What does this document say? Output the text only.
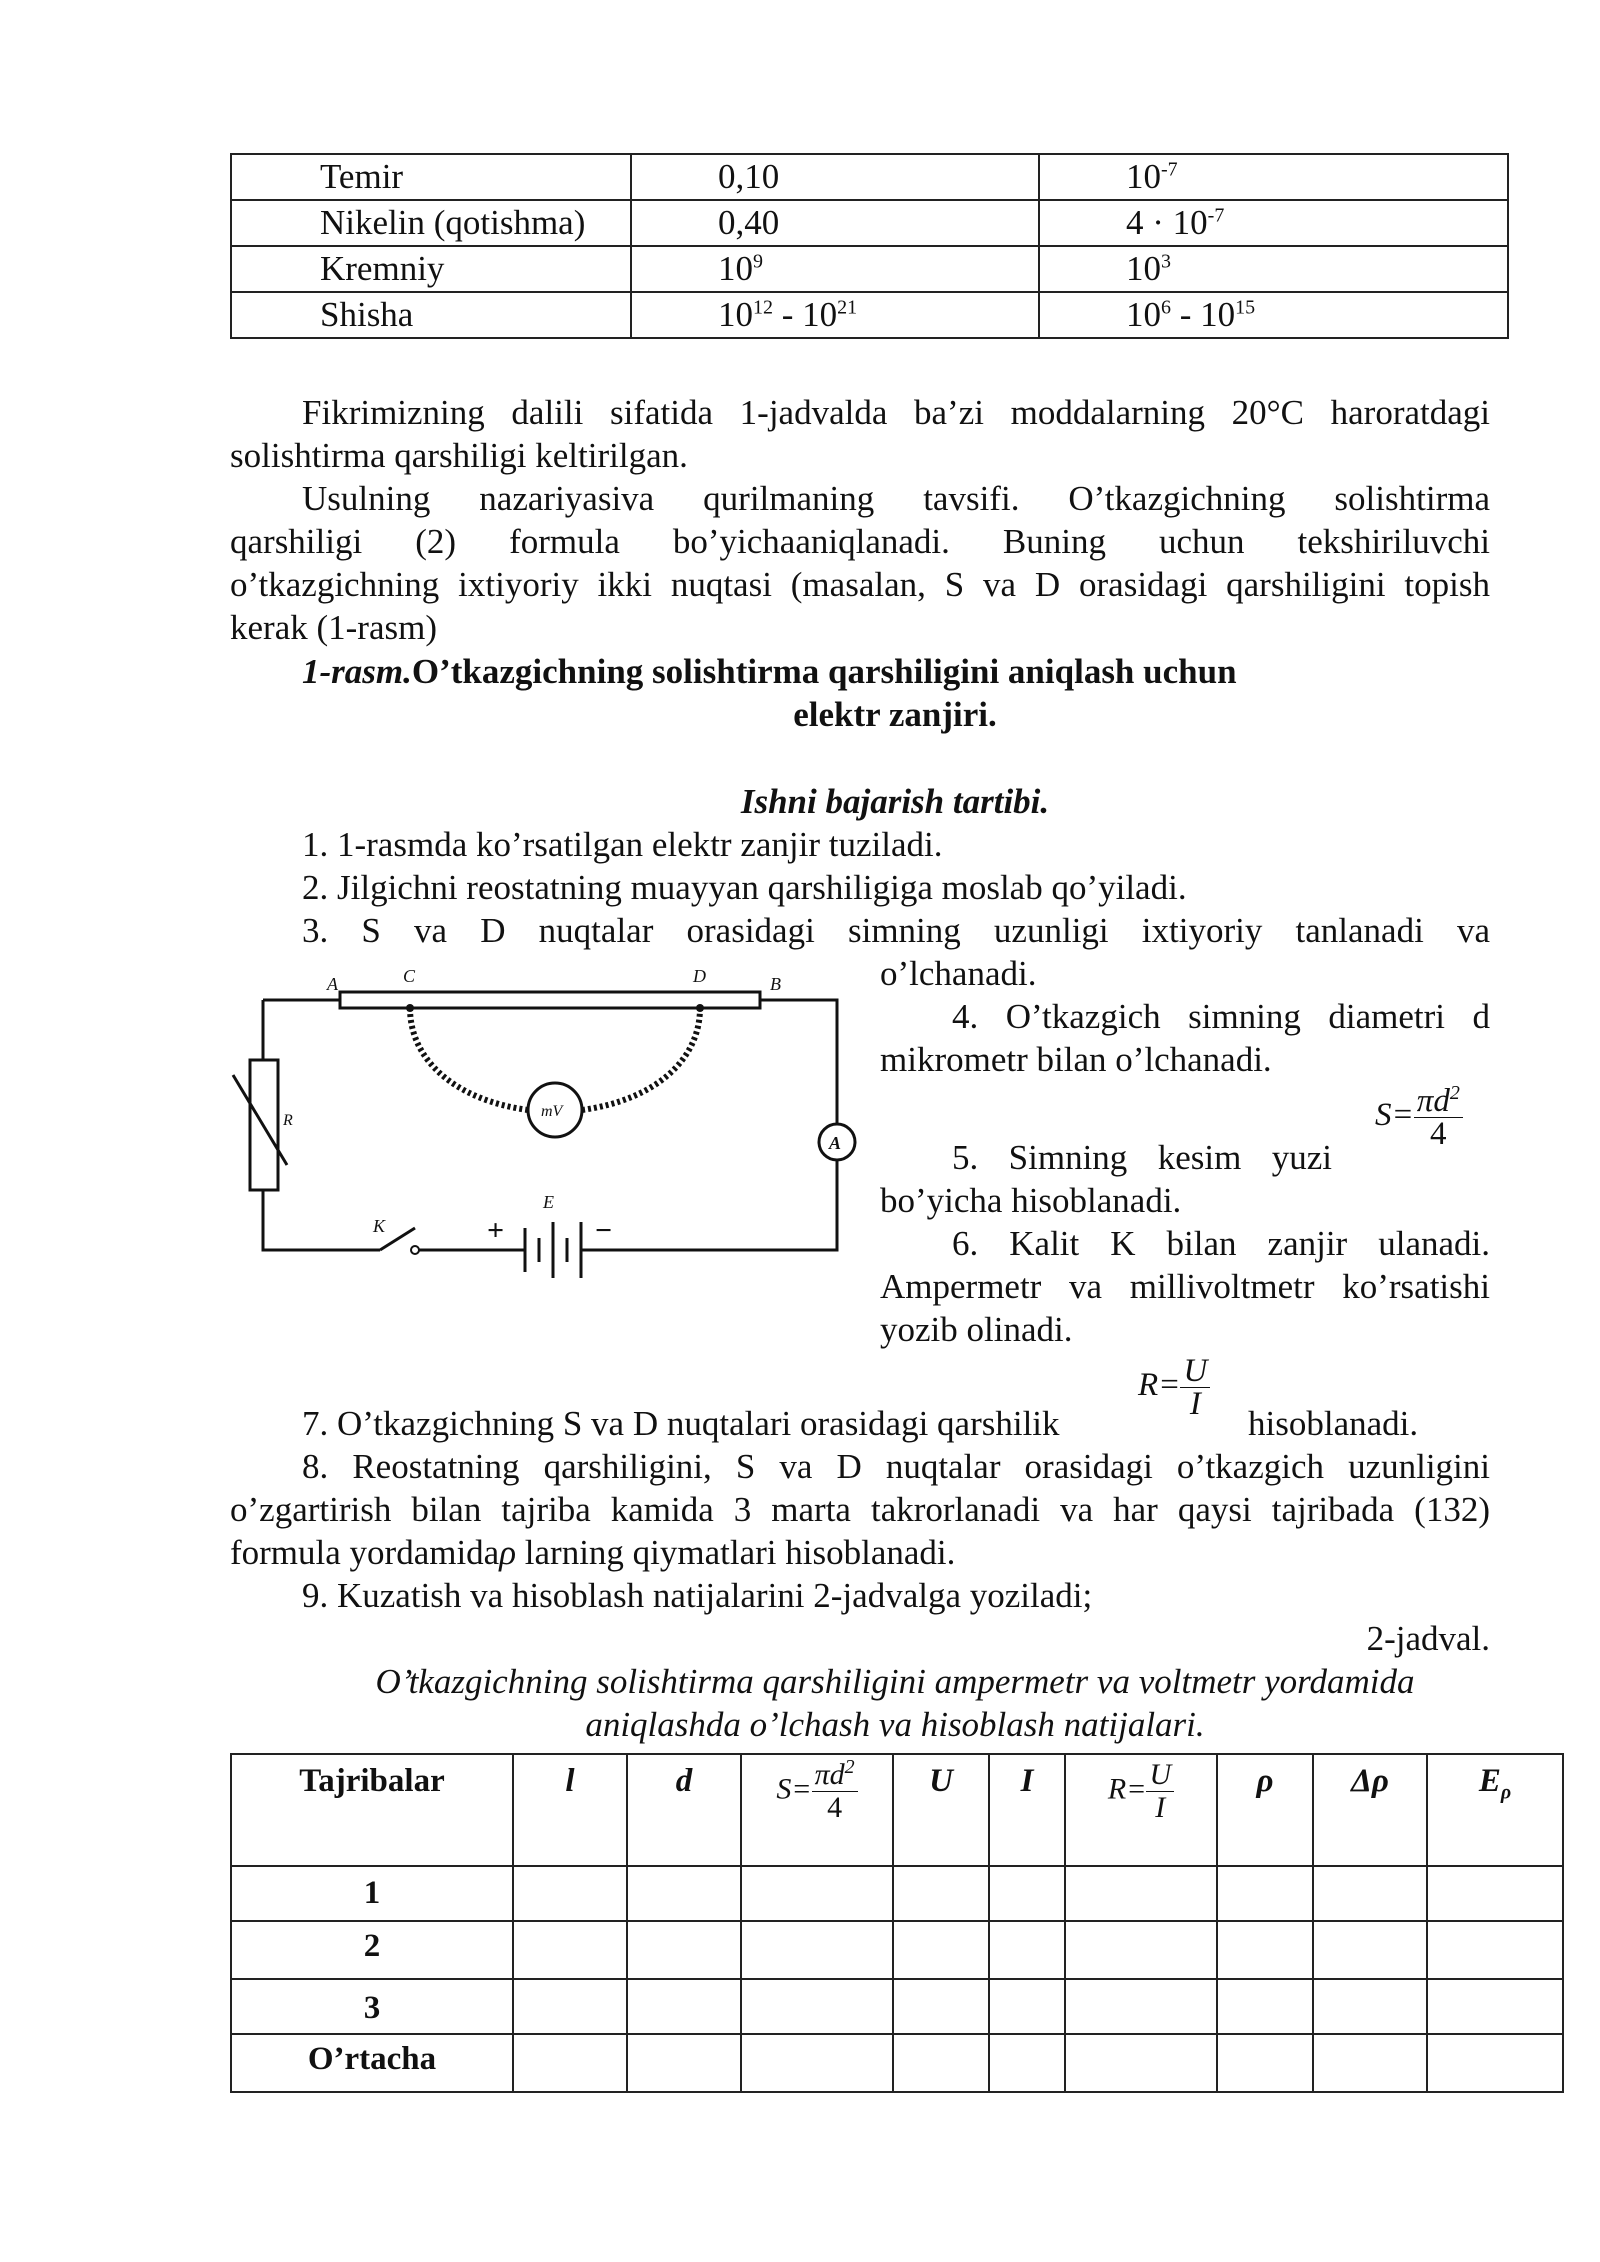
Temir	0,10	$10^{-7}$
Nikelin (qotishma)	0,40	$4 \cdot 10^{-7}$
Kremniy	$10^9$	$10^3$
Shisha	$10^{12} - 10^{21}$	$10^6 - 10^{15}$
Fikrimizning dalili sifatida 1-jadvalda ba’zi moddalarning 20°C haroratdagi
solishtirma qarshiligi keltirilgan.
Usulning nazariyasiva qurilmaning tavsifi. O’tkazgichning solishtirma
qarshiligi (2) formula bo’yichaaniqlanadi. Buning uchun tekshiriluvchi
o’tkazgichning ixtiyoriy ikki nuqtasi (masalan, S va D orasidagi qarshiligini topish
kerak (1-rasm)
1-rasm.O’tkazgichning solishtirma qarshiligini aniqlash uchun
elektr zanjiri.
Ishni bajarish tartibi.
1. 1-rasmda ko’rsatilgan elektr zanjir tuziladi.
2. Jilgichni reostatning muayyan qarshiligiga moslab qo’yiladi.
3. S va D nuqtalar orasidagi simning uzunligi ixtiyoriy tanlanadi va
o’lchanadi.
4. O’tkazgich simning diametri d
mikrometr bilan o’lchanadi.
$S= \frac{\pi d^2}{4}$
5. Simning kesim yuzi
bo’yicha hisoblanadi.
6. Kalit K bilan zanjir ulanadi.
Ampermetr va millivoltmetr ko’rsatishi
yozib olinadi.
7. O’tkazgichning S va D nuqtalari orasidagi qarshilik
$R= \frac{U}{I}$
hisoblanadi.
8. Reostatning qarshiligini, S va D nuqtalar orasidagi o’tkazgich uzunligini
o’zgartirish bilan tajriba kamida 3 marta takrorlanadi va har qaysi tajribada (132)
formula yordamidaρ larning qiymatlari hisoblanadi.
9. Kuzatish va hisoblash natijalarini 2-jadvalga yoziladi;
2-jadval.
O’tkazgichning solishtirma qarshiligini ampermetr va voltmetr yordamida
aniqlashda o’lchash va hisoblash natijalari.
A	C	D	B
R
K
E
mV
A
+	−
Tajribalar	l	d	$S= \frac{\pi d^2}{4}$	U	I	$R= \frac{U}{I}$	ρ	Δρ	$E_\rho$
1									
2									
3									
O’rtacha									
